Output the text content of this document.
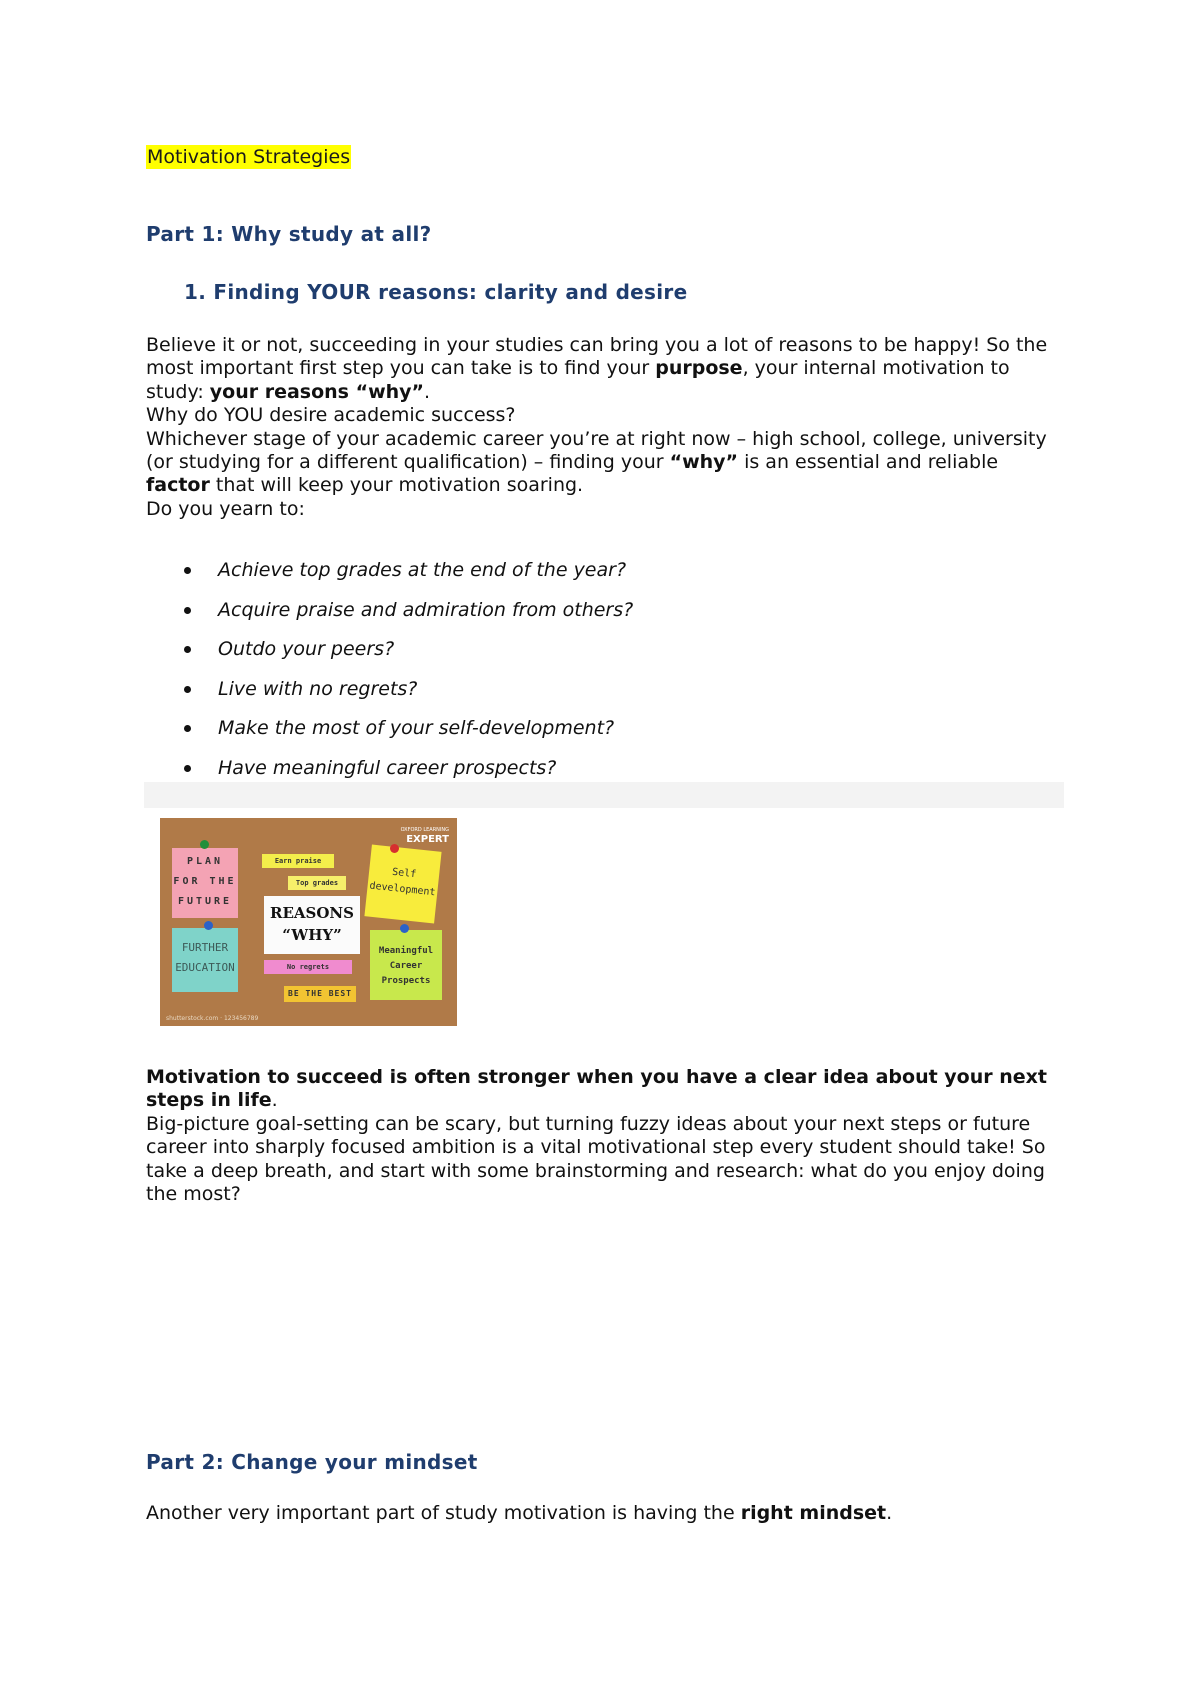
Motivation Strategies
Part 1: Why study at all?
1. Finding YOUR reasons: clarity and desire
Believe it or not, succeeding in your studies can bring you a lot of reasons to be happy! So the most important first step you can take is to find your purpose, your internal motivation to study: your reasons “why”.
Why do YOU desire academic success?
Whichever stage of your academic career you’re at right now – high school, college, university (or studying for a different qualification) – finding your “why” is an essential and reliable factor that will keep your motivation soaring.
Do you yearn to:
Achieve top grades at the end of the year?
Acquire praise and admiration from others?
Outdo your peers?
Live with no regrets?
Make the most of your self-development?
Have meaningful career prospects?
OXFORD LEARNING
EXPERT
PLAN FOR THE FUTURE
FURTHER EDUCATION
Earn praise
Top grades
REASONS “WHY”
No regrets
BE THE BEST
Self development
Meaningful Career Prospects
shutterstock.com · 123456789
Motivation to succeed is often stronger when you have a clear idea about your next steps in life.
Big-picture goal-setting can be scary, but turning fuzzy ideas about your next steps or future career into sharply focused ambition is a vital motivational step every student should take! So take a deep breath, and start with some brainstorming and research: what do you enjoy doing the most?
Part 2: Change your mindset
Another very important part of study motivation is having the right mindset.
